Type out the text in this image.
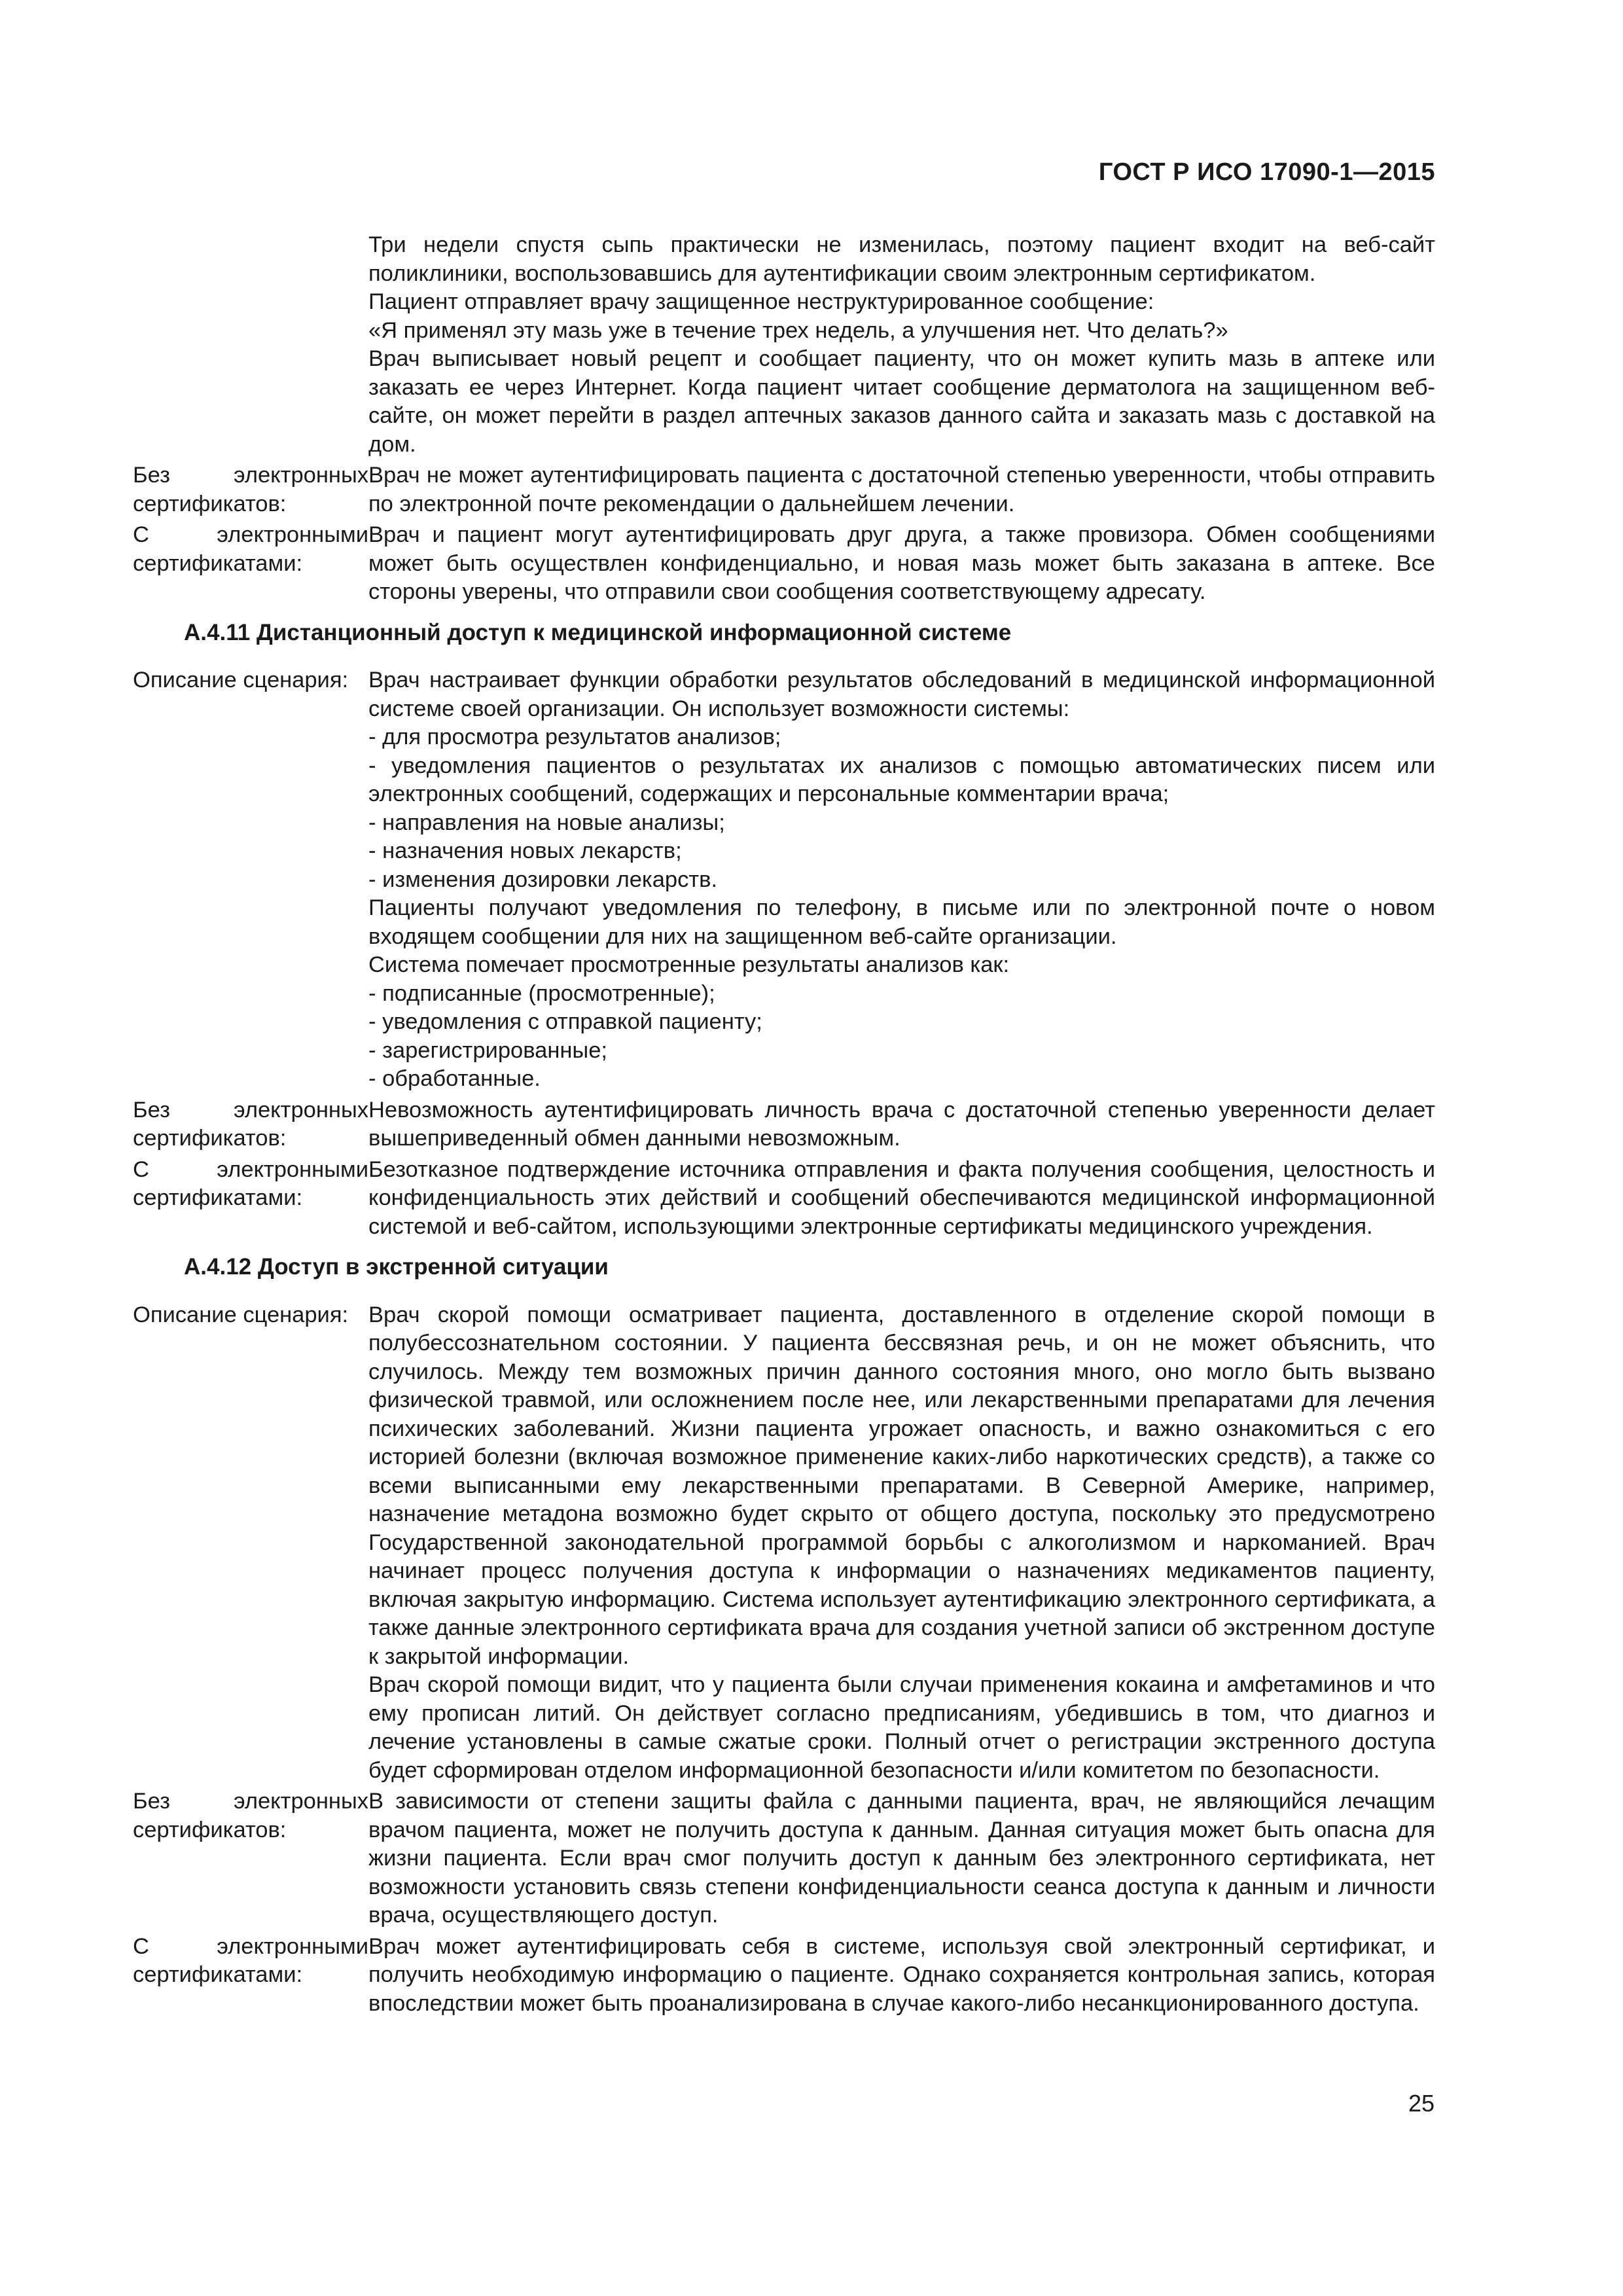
ГОСТ Р ИСО 17090-1—2015

Три недели спустя сыпь практически не изменилась, поэтому пациент входит на веб-сайт поликлиники, воспользовавшись для аутентификации своим электронным сертификатом.

Пациент отправляет врачу защищенное неструктурированное сообщение:

«Я применял эту мазь уже в течение трех недель, а улучшения нет. Что делать?»

Врач выписывает новый рецепт и сообщает пациенту, что он может купить мазь в аптеке или заказать ее через Интернет. Когда пациент читает сообщение дерматолога на защищенном веб-сайте, он может перейти в раздел аптечных заказов данного сайта и заказать мазь с доставкой на дом.

Без электронных сертификатов:
Врач не может аутентифицировать пациента с достаточной степенью уверенности, чтобы отправить по электронной почте рекомендации о дальнейшем лечении.
С электронными сертификатами:
Врач и пациент могут аутентифицировать друг друга, а также провизора. Обмен сообщениями может быть осуществлен конфиденциально, и новая мазь может быть заказана в аптеке. Все стороны уверены, что отправили свои сообщения соответствующему адресату.
А.4.11 Дистанционный доступ к медицинской информационной системе
Описание сценария: Врач настраивает функции обработки результатов обследований в медицинской информационной системе своей организации. Он использует возможности системы:

- для просмотра результатов анализов;

- уведомления пациентов о результатах их анализов с помощью автоматических писем или электронных сообщений, содержащих и персональные комментарии врача;

- направления на новые анализы;

- назначения новых лекарств;

- изменения дозировки лекарств.

Пациенты получают уведомления по телефону, в письме или по электронной почте о новом входящем сообщении для них на защищенном веб-сайте организации.

Система помечает просмотренные результаты анализов как:

- подписанные (просмотренные);

- уведомления с отправкой пациенту;

- зарегистрированные;

- обработанные.

Без электронных сертификатов:
Невозможность аутентифицировать личность врача с достаточной степенью уверенности делает вышеприведенный обмен данными невозможным.
С электронными сертификатами:
Безотказное подтверждение источника отправления и факта получения сообщения, целостность и конфиденциальность этих действий и сообщений обеспечиваются медицинской информационной системой и веб-сайтом, использующими электронные сертификаты медицинского учреждения.
А.4.12 Доступ в экстренной ситуации
Описание сценария: Врач скорой помощи осматривает пациента, доставленного в отделение скорой помощи в полубессознательном состоянии. У пациента бессвязная речь, и он не может объяснить, что случилось. Между тем возможных причин данного состояния много, оно могло быть вызвано физической травмой, или осложнением после нее, или лекарственными препаратами для лечения психических заболеваний. Жизни пациента угрожает опасность, и важно ознакомиться с его историей болезни (включая возможное применение каких-либо наркотических средств), а также со всеми выписанными ему лекарственными препаратами. В Северной Америке, например, назначение метадона возможно будет скрыто от общего доступа, поскольку это предусмотрено Государственной законодательной программой борьбы с алкоголизмом и наркоманией. Врач начинает процесс получения доступа к информации о назначениях медикаментов пациенту, включая закрытую информацию. Система использует аутентификацию электронного сертификата, а также данные электронного сертификата врача для создания учетной записи об экстренном доступе к закрытой информации.

Врач скорой помощи видит, что у пациента были случаи применения кокаина и амфетаминов и что ему прописан литий. Он действует согласно предписаниям, убедившись в том, что диагноз и лечение установлены в самые сжатые сроки. Полный отчет о регистрации экстренного доступа будет сформирован отделом информационной безопасности и/или комитетом по безопасности.

Без электронных сертификатов:
В зависимости от степени защиты файла с данными пациента, врач, не являющийся лечащим врачом пациента, может не получить доступа к данным. Данная ситуация может быть опасна для жизни пациента. Если врач смог получить доступ к данным без электронного сертификата, нет возможности установить связь степени конфиденциальности сеанса доступа к данным и личности врача, осуществляющего доступ.
С электронными сертификатами:
Врач может аутентифицировать себя в системе, используя свой электронный сертификат, и получить необходимую информацию о пациенте. Однако сохраняется контрольная запись, которая впоследствии может быть проанализирована в случае какого-либо несанкционированного доступа.
25
